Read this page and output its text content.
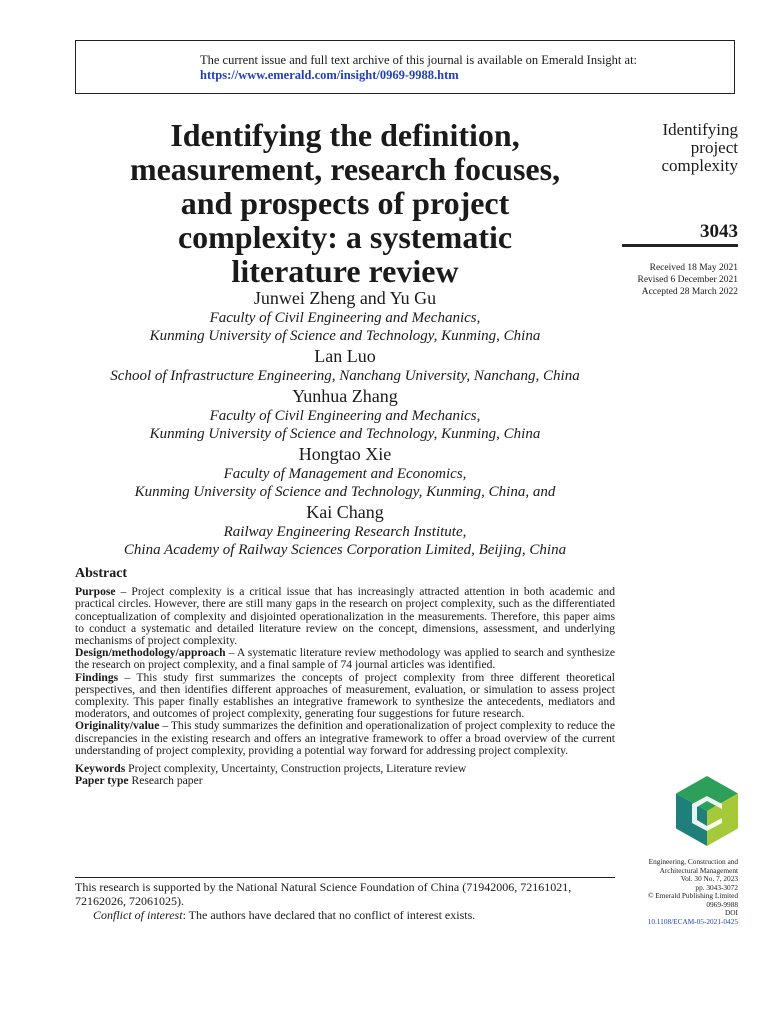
The current issue and full text archive of this journal is available on Emerald Insight at:
https://www.emerald.com/insight/0969-9988.htm
Identifying the definition,
measurement, research focuses,
and prospects of project
complexity: a systematic
literature review
Identifying
project
complexity
3043
Received 18 May 2021
Revised 6 December 2021
Accepted 28 March 2022
Junwei Zheng and Yu Gu
Faculty of Civil Engineering and Mechanics,
Kunming University of Science and Technology, Kunming, China
Lan Luo
School of Infrastructure Engineering, Nanchang University, Nanchang, China
Yunhua Zhang
Faculty of Civil Engineering and Mechanics,
Kunming University of Science and Technology, Kunming, China
Hongtao Xie
Faculty of Management and Economics,
Kunming University of Science and Technology, Kunming, China, and
Kai Chang
Railway Engineering Research Institute,
China Academy of Railway Sciences Corporation Limited, Beijing, China
Abstract

Purpose – Project complexity is a critical issue that has increasingly attracted attention in both academic and practical circles. However, there are still many gaps in the research on project complexity, such as the differentiated conceptualization of complexity and disjointed operationalization in the measurements. Therefore, this paper aims to conduct a systematic and detailed literature review on the concept, dimensions, assessment, and underlying mechanisms of project complexity.

Design/methodology/approach – A systematic literature review methodology was applied to search and synthesize the research on project complexity, and a final sample of 74 journal articles was identified.

Findings – This study first summarizes the concepts of project complexity from three different theoretical perspectives, and then identifies different approaches of measurement, evaluation, or simulation to assess project complexity. This paper finally establishes an integrative framework to synthesize the antecedents, mediators and moderators, and outcomes of project complexity, generating four suggestions for future research.

Originality/value – This study summarizes the definition and operationalization of project complexity to reduce the discrepancies in the existing research and offers an integrative framework to offer a broad overview of the current understanding of project complexity, providing a potential way forward for addressing project complexity.

Keywords Project complexity, Uncertainty, Construction projects, Literature review

Paper type Research paper

Engineering, Construction and
Architectural Management
Vol. 30 No. 7, 2023
pp. 3043-3072
© Emerald Publishing Limited
0969-9988
DOI
10.1108/ECAM-05-2021-0425

This research is supported by the National Natural Science Foundation of China (71942006, 72161021, 72162026, 72061025).

Conflict of interest: The authors have declared that no conflict of interest exists.
